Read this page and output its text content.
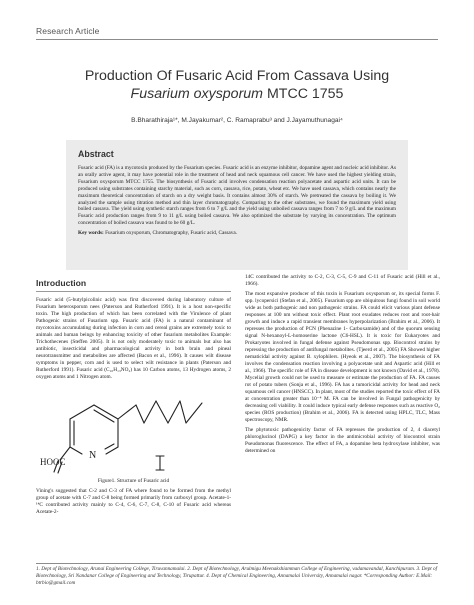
Research Article
Production Of Fusaric Acid From Cassava Using
Fusarium oxysporum MTCC 1755
B.Bharathiraja¹*, M.Jayakumar², C. Ramaprabu³ and J.Jayamuthunagai⁴
Abstract
Fusaric acid (FA) is a mycotoxin produced by the Fusarium species. Fusaric acid is an enzyme inhibitor, dopamine agent and nucleic acid inhibitor. As an orally active agent, it may have potential role in the treatment of head and neck squamous cell cancer. We have used the highest yielding strain, Fusarium oxysporum MTCC 1755. The biosynthesis of Fusaric acid involves condensation reaction polyacetate and aspartic acid units. It can be produced using substrates containing starchy material, such as corn, cassava, rice, potato, wheat etc. We have used cassava, which contains nearly the maximum theoretical concentration of starch on a dry weight basis. It contains almost 30% of starch. We pretreated the cassava by boiling it. We analyzed the sample using titration method and thin layer chromatography. Comparing to the other substrates, we found the maximum yield using boiled cassava. The yield using synthetic starch ranges from 6 to 7 g/L and the yield using unboiled cassava ranges from 7 to 9 g/L and the maximum Fusaric acid production ranges from 9 to 11 g/L using boiled cassava. We also optimized the substrate by varying its concentration. The optimum concentration of boiled cassava was found to be 60 g/L.
Key words: Fusarium oxysporum, Chromatography, Fusaric acid, Cassava.
Introduction

Fusaric acid (5-butylpicolinic acid) was first discovered during laboratory culture of Fusarium heterosporum nees (Paterson and Rutherford 1991). It is a host non-specific toxin. The high production of which has been correlated with the Virulence of plant Pathogenic strains of Fusarium spp. Fusaric acid (FA) is a natural contaminant of mycotoxins accumulating during infection in corn and cereal grains are extremely toxic to animals and human beings by enhancing toxicity of other fusarium metabolites Example: Trichothecenes (Steffen 2005). It is not only moderately toxic to animals but also has antibiotic, insecticidal and pharmacological activity in both brain and pineal neurotransmitter and metabolites are affected (Bacon et al., 1996). It causes wilt disease symptoms in pepper, corn and is used to select wilt resistance in plants (Paterson and Rutherford 1991). Fusaric acid (C₁₀H₁₃NO₂) has 10 Carbon atoms, 13 Hydrogen atoms, 2 oxygen atoms and 1 Nitrogen atom.

N
HOOC
Figure1. Structure of Fusaric acid

Vining's suggested that C-2 and C-3 of FA where found to be formed from the methyl group of acetate with C-7 and C-8 being formed primarily from carboxyl group. Acetate-1-¹⁴C contributed activity mainly to C-4, C-6, C-7, C-8, C-10 of Fusaric acid whereas Acetate-2-

14C contributed the activity to C-2, C-3, C-5, C-9 and C-11 of Fusaric acid (Hill et al., 1966).

The most expansive producer of this toxin is Fusarium oxysporum or, its special forms F. spp. lycopersici (Stefan et al., 2005). Fusarium spp are ubiquitous fungi found in soil world wide as both pathogenic and non pathogenic strains. FA could elicit various plant defense responses at 100 nm without toxic effect. Plant root exudates reduces root and root-hair growth and induce a rapid transient membranes hyperpolarization (Brahim et al., 2006). It represses the production of PCN (Phenazine 1- Carboxamide) and of the quorum sensing signal N-hexanoyl-L-homoserine lactone (C6-HSL). It is toxic for Eukaryotes and Prokaryotes involved in fungal defense against Pseudomonas spp. Biocontrol strains by repressing the production of antifungal metabolites. (Tjeerd et al., 2005) FA Showed higher nematicidal activity against B. xylophilers. (Hyeok et al., 2007). The biosynthesis of FA involves the condensation reaction involving a polyacetate unit and Aspartic acid (Hill et al., 1966). The specific role of FA in disease development is not known (David et al., 1978). Mycelial growth could not be used to measure or estimate the production of FA. FA causes rot of potato tubers (Sonja et al., 1996). FA has a tumoricidal activity for head and neck squamous cell cancer (HNSCC). In plant, most of the studies reported the toxic effect of FA at concentration greater than 10⁻⁴ M. FA can be involved in Fungal pathogenicity by decreasing cell viability. It could induce typical early defense responses such as reactive O₂ species (ROS production) (Brahim et al., 2006). FA is detected using HPLC, TLC, Mass spectroscopy, NMR.

The phytotoxic pathogenicity factor of FA represses the production of 2, 4 diacetyl phloroglucinol (DAPG) a key factor in the antimicrobial activity of biocontrol strain Pseudomonas fluorescence. The effect of FA, a dopamine beta hydroxylase inhibiter, was determined on

1. Dept of Biotechnology, Arunai Engineering College, Tiruvannamalai. 2. Dept of Biotechnology, Arulmigu Meenakshiamman College of Engineering, vadamavandal, Kanchipuram. 3. Dept of Biotechnology, Sri Nandanar College of Engineering and Technology, Tirupattur. 4. Dept of Chemical Engineering, Annamalai University, Annamalai nagar. *Corresponding Author: E.Mail: btrbio@gmail.com
